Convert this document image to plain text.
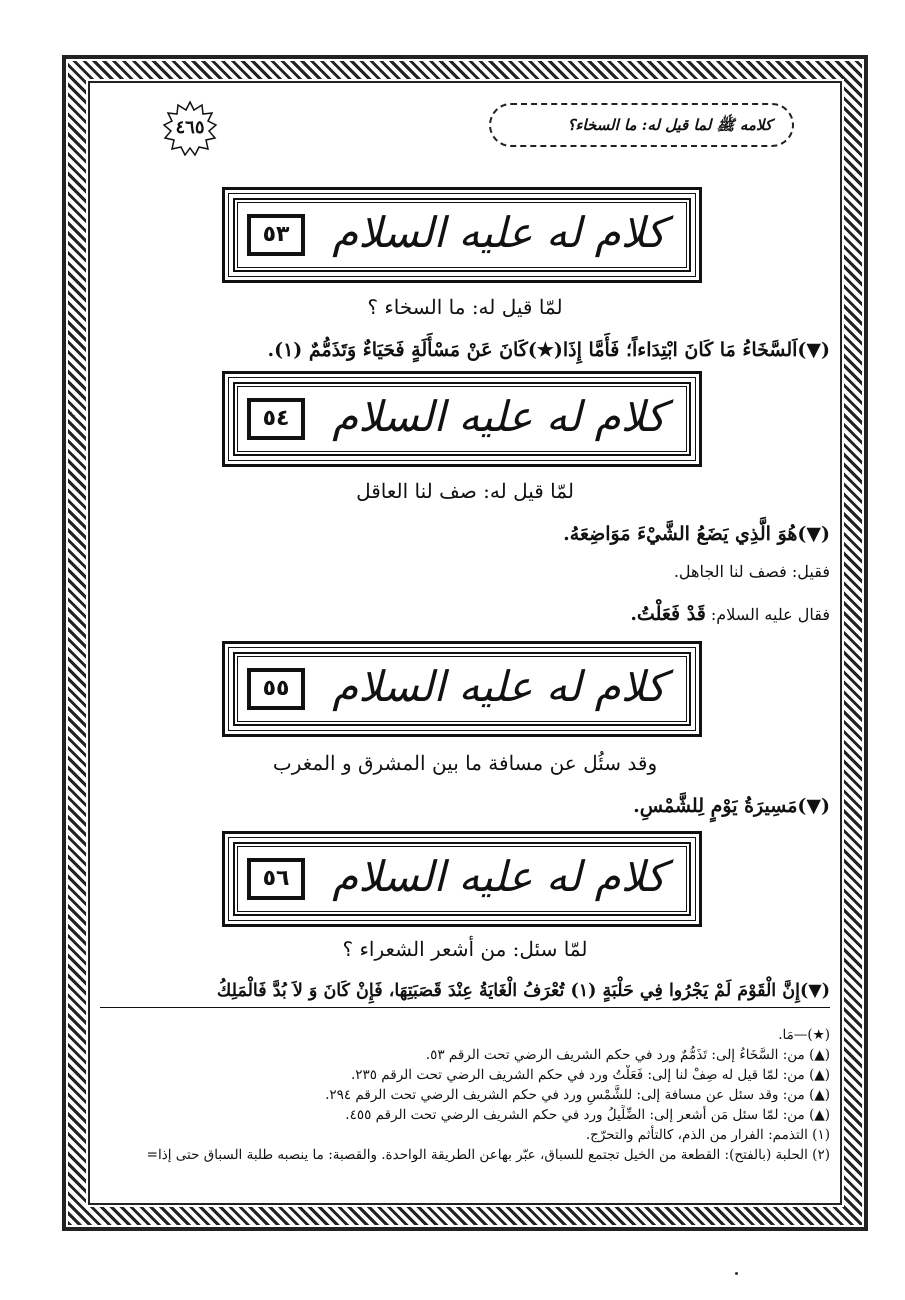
كلامه ﷺ لما قيل له: ما السخاء؟
٤٦٥
كلام له عليه السلام
٥٣
لمّا قيل له: ما السخاء ؟
(▼)اَلسَّخَاءُ مَا كَانَ ابْتِدَاءاً؛ فَأَمَّا إِذَا(★)كَانَ عَنْ مَسْأَلَةٍ فَحَيَاءٌ وَتَذَمُّمٌ (١).
كلام له عليه السلام
٥٤
لمّا قيل له: صف لنا العاقل
(▼)هُوَ الَّذِي يَضَعُ الشَّيْءَ مَوَاضِعَهُ.
فقيل: فصف لنا الجاهل.
فقال عليه السلام: قَدْ فَعَلْتُ.
كلام له عليه السلام
٥٥
وقد سئُل عن مسافة ما بين المشرق و المغرب
(▼)مَسِيرَةُ يَوْمٍ لِلشَّمْسِ.
كلام له عليه السلام
٥٦
لمّا سئل: من أشعر الشعراء ؟
(▼)إِنَّ الْقَوْمَ لَمْ يَجْرُوا فِي حَلْبَةٍ (١) تُعْرَفُ الْغَايَةُ عِنْدَ قَصَبَتِهَا، فَإِنْ كَانَ وَ لاَ بُدَّ فَالْمَلِكُ
(★)—مَا.
(▲) من: السَّخَاءُ إلى: تَذَمُّمٌ ورد في حكم الشريف الرضي تحت الرقم ٥٣.
(▲) من: لمّا قيل له صِفْ لنا إلى: فَعَلْتُ ورد في حكم الشريف الرضي تحت الرقم ٢٣٥.
(▲) من: وقد سئل عن مسافة إلى: للشَّمْسِ ورد في حكم الشريف الرضي تحت الرقم ٢٩٤.
(▲) من: لمّا سئل مَن أشعر إلى: الضِّلِّيلُ ورد في حكم الشريف الرضي تحت الرقم ٤٥٥.
(١) التذمم: الفرار من الذم، كالتأثم والتحرّج.
(٢) الحلبة (بالفتح): القطعة من الخيل تجتمع للسباق، عبّر بهاعن الطريقة الواحدة. والقصبة: ما ينصبه طلبة السباق حتى إذا=
